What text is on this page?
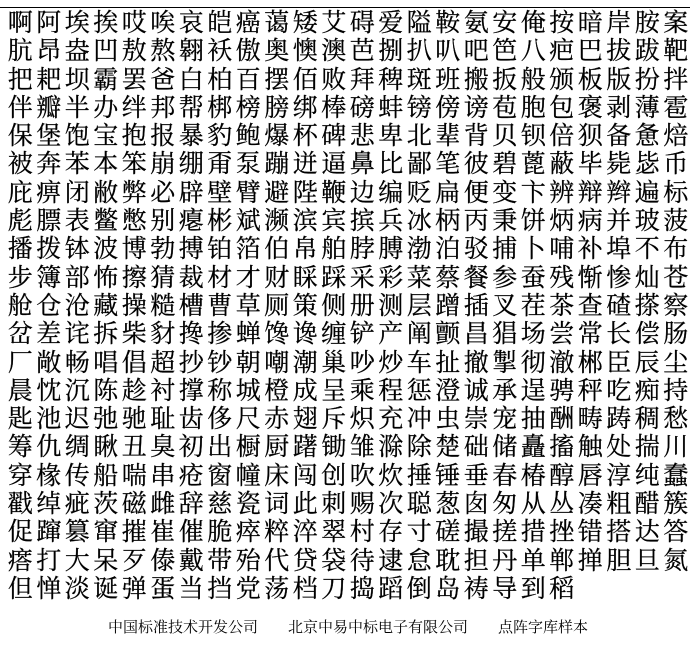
啊 阿 埃 挨 哎 唉 哀 皑 癌 蔼 矮 艾 碍 爱 隘 鞍 氨 安 俺 按 暗 岸 胺 案
肮 昂 盎 凹 敖 熬 翱 袄 傲 奥 懊 澳 芭 捌 扒 叭 吧 笆 八 疤 巴 拔 跋 靶
把 耙 坝 霸 罢 爸 白 柏 百 摆 佰 败 拜 稗 斑 班 搬 扳 般 颁 板 版 扮 拌
伴 瓣 半 办 绊 邦 帮 梆 榜 膀 绑 棒 磅 蚌 镑 傍 谤 苞 胞 包 褒 剥 薄 雹
保 堡 饱 宝 抱 报 暴 豹 鲍 爆 杯 碑 悲 卑 北 辈 背 贝 钡 倍 狈 备 惫 焙
被 奔 苯 本 笨 崩 绷 甭 泵 蹦 迸 逼 鼻 比 鄙 笔 彼 碧 蓖 蔽 毕 毙 毖 币
庇 痹 闭 敝 弊 必 辟 壁 臂 避 陛 鞭 边 编 贬 扁 便 变 卞 辨 辩 辫 遍 标
彪 膘 表 鳖 憋 别 瘪 彬 斌 濒 滨 宾 摈 兵 冰 柄 丙 秉 饼 炳 病 并 玻 菠
播 拨 钵 波 博 勃 搏 铂 箔 伯 帛 舶 脖 膊 渤 泊 驳 捕 卜 哺 补 埠 不 布
步 簿 部 怖 擦 猜 裁 材 才 财 睬 踩 采 彩 菜 蔡 餐 参 蚕 残 惭 惨 灿 苍
舱 仓 沧 藏 操 糙 槽 曹 草 厕 策 侧 册 测 层 蹭 插 叉 茬 茶 查 碴 搽 察
岔 差 诧 拆 柴 豺 搀 掺 蝉 馋 谗 缠 铲 产 阐 颤 昌 猖 场 尝 常 长 偿 肠
厂 敞 畅 唱 倡 超 抄 钞 朝 嘲 潮 巢 吵 炒 车 扯 撤 掣 彻 澈 郴 臣 辰 尘
晨 忱 沉 陈 趁 衬 撑 称 城 橙 成 呈 乘 程 惩 澄 诚 承 逞 骋 秤 吃 痴 持
匙 池 迟 弛 驰 耻 齿 侈 尺 赤 翅 斥 炽 充 冲 虫 崇 宠 抽 酬 畴 踌 稠 愁
筹 仇 绸 瞅 丑 臭 初 出 橱 厨 躇 锄 雏 滁 除 楚 础 储 矗 搐 触 处 揣 川
穿 椽 传 船 喘 串 疮 窗 幢 床 闯 创 吹 炊 捶 锤 垂 春 椿 醇 唇 淳 纯 蠢
戳 绰 疵 茨 磁 雌 辞 慈 瓷 词 此 刺 赐 次 聪 葱 囱 匆 从 丛 凑 粗 醋 簇
促 蹿 篡 窜 摧 崔 催 脆 瘁 粹 淬 翠 村 存 寸 磋 撮 搓 措 挫 错 搭 达 答
瘩 打 大 呆 歹 傣 戴 带 殆 代 贷 袋 待 逮 怠 耽 担 丹 单 郸 掸 胆 旦 氮
但 惮 淡 诞 弹 蛋 当 挡 党 荡 档 刀 捣 蹈 倒 岛 祷 导 到 稻
中国标准技术开发公司 北京中易中标电子有限公司 点阵字库样本
